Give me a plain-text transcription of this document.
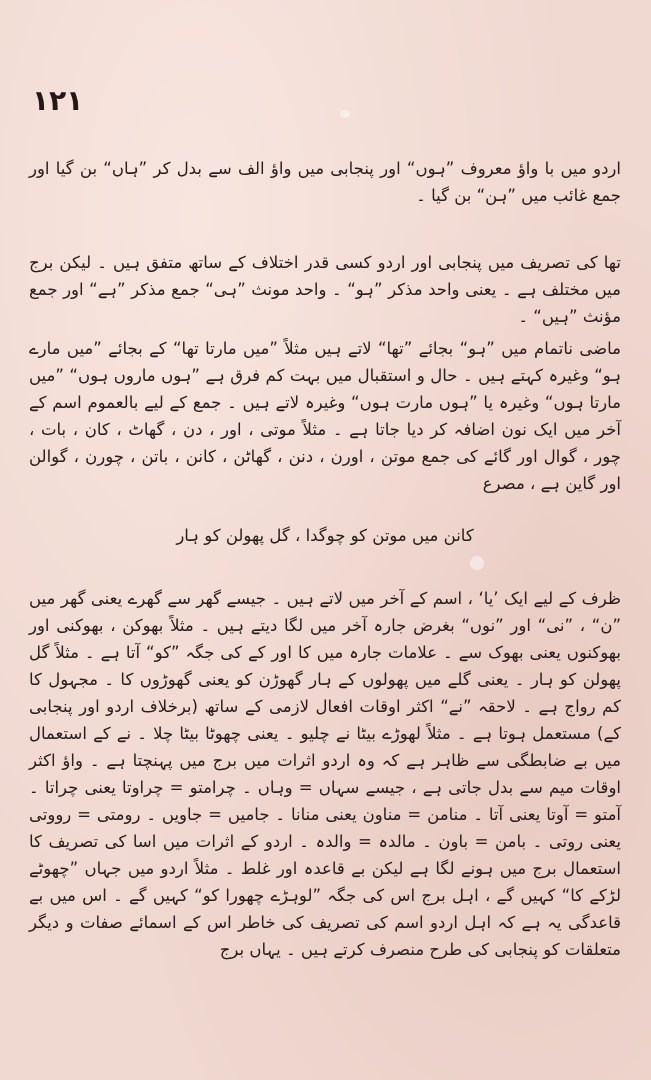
١٢١

اردو میں با واؤ معروف ”ہوں“ اور پنجابی میں واؤ الف سے بدل کر ”ہاں“ بن گیا اور جمع غائب میں ”ہن“ بن گیا ۔

تھا کی تصریف میں پنجابی اور اردو کسی قدر اختلاف کے ساتھ متفق ہیں ۔ لیکن برج میں مختلف ہے ۔ یعنی واحد مذکر ”ہو“ ۔ واحد مونث ”ہی“ جمع مذکر ”ہے“ اور جمع مؤنث ”ہیں“ ۔

ماضی ناتمام میں ”ہو“ بجائے ”تھا“ لاتے ہیں مثلاً ”میں مارتا تھا“ کے بجائے ”میں مارے ہو“ وغیرہ کہتے ہیں ۔ حال و استقبال میں بہت کم فرق ہے ”ہوں ماروں ہوں“ ”میں مارتا ہوں“ وغیرہ یا ”ہوں مارت ہوں“ وغیرہ لاتے ہیں ۔ جمع کے لیے بالعموم اسم کے آخر میں ایک نون اضافہ کر دیا جاتا ہے ۔ مثلاً موتی ، اور ، دن ، گھاٹ ، کان ، بات ، چور ، گوال اور گائے کی جمع موتن ، اورن ، دنن ، گھاٹن ، کانن ، باتن ، چورن ، گوالن اور گاین ہے ، مصرع

کانن میں موتن کو چوگدا ، گل پھولن کو ہار

ظرف کے لیے ایک ’یا‘ ، اسم کے آخر میں لاتے ہیں ۔ جیسے گھر سے گھرے یعنی گھر میں ”ن“ ، ”نی“ اور ”نوں“ بغرض جارہ آخر میں لگا دیتے ہیں ۔ مثلاً بھوکن ، بھوکنی اور بھوکنوں یعنی بھوک سے ۔ علامات جارہ میں کا اور کے کی جگہ ”کو“ آتا ہے ۔ مثلاً گل پھولن کو ہار ۔ یعنی گلے میں پھولوں کے ہار گھوڑن کو یعنی گھوڑوں کا ۔ مجہول کا کم رواج ہے ۔ لاحقہ ”نے“ اکثر اوقات افعال لازمی کے ساتھ (برخلاف اردو اور پنجابی کے) مستعمل ہوتا ہے ۔ مثلاً لھوڑے بیٹا نے چلیو ۔ یعنی چھوٹا بیٹا چلا ۔ نے کے استعمال میں بے ضابطگی سے ظاہر ہے کہ وہ اردو اثرات میں برج میں پہنچتا ہے ۔ واؤ اکثر اوقات میم سے بدل جاتی ہے ، جیسے سہاں = وہاں ۔ چرامتو = چراوتا یعنی چراتا ۔ آمتو = آوتا یعنی آتا ۔ منامن = مناون یعنی منانا ۔ جامیں = جاویں ۔ رومتی = رووتی یعنی روتی ۔ بامن = باون ۔ مالدہ = والدہ ۔ اردو کے اثرات میں اسا کی تصریف کا استعمال برج میں ہونے لگا ہے لیکن بے قاعدہ اور غلط ۔ مثلاً اردو میں جہاں ”چھوٹے لڑکے کا“ کہیں گے ، اہل برج اس کی جگہ ”لوہڑے چھورا کو“ کہیں گے ۔ اس میں بے قاعدگی یہ ہے کہ اہل اردو اسم کی تصریف کی خاطر اس کے اسمائے صفات و دیگر متعلقات کو پنجابی کی طرح منصرف کرتے ہیں ۔ یہاں برج
